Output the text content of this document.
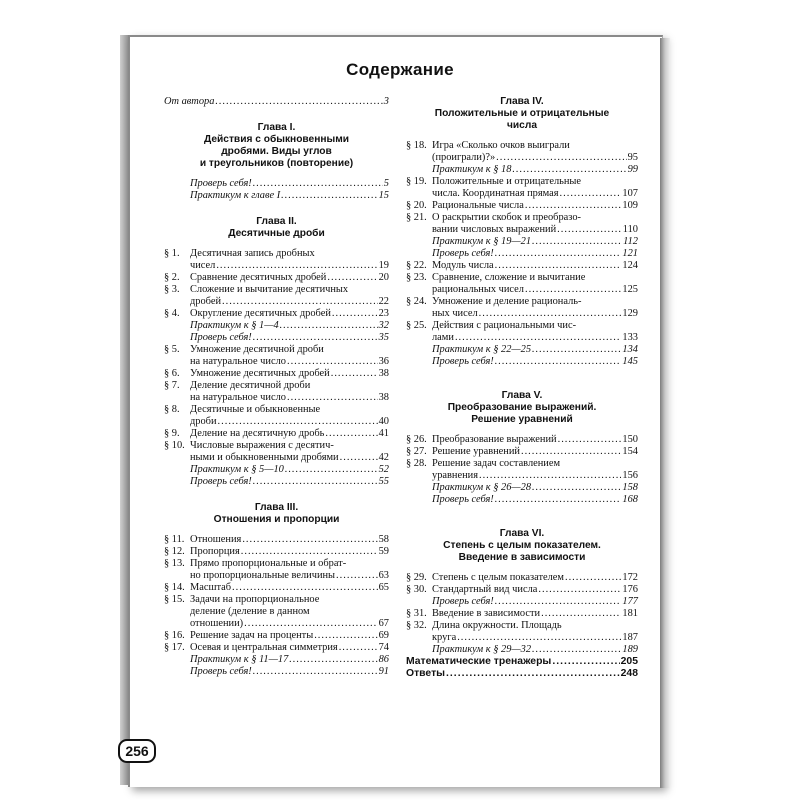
Содержание
От автора .....	3
Глава I.
Действия с обыкновенными
дробями. Виды углов
и треугольников (повторение)
Проверь себя! .....	5
Практикум к главе I .....	15
Глава II.
Десятичные дроби
§ 1.	Десятичная запись дробных
чисел .....	19
§ 2.	Сравнение десятичных дробей .....	20
§ 3.	Сложение и вычитание десятичных
дробей .....	22
§ 4.	Округление десятичных дробей .....	23
Практикум к § 1—4 .....	32
Проверь себя! .....	35
§ 5.	Умножение десятичной дроби
на натуральное число .....	36
§ 6.	Умножение десятичных дробей .....	38
§ 7.	Деление десятичной дроби
на натуральное число .....	38
§ 8.	Десятичные и обыкновенные
дроби .....	40
§ 9.	Деление на десятичную дробь .....	41
§ 10. Числовые выражения с десятич-
ными и обыкновенными дробями .....	42
Практикум к § 5—10 .....	52
Проверь себя! .....	55
Глава III.
Отношения и пропорции
§ 11. Отношения .....	58
§ 12. Пропорция .....	59
§ 13. Прямо пропорциональные и обрат-
но пропорциональные величины .....	63
§ 14. Масштаб .....	65
§ 15. Задачи на пропорциональное
деление (деление в данном
отношении) .....	67
§ 16. Решение задач на проценты .....	69
§ 17. Осевая и центральная симметрия .....	74
Практикум к § 11—17 .....	86
Проверь себя! .....	91
Глава IV.
Положительные и отрицательные
числа
§ 18. Игра «Сколько очков выиграли
(проиграли)?» .....	95
Практикум к § 18 .....	99
§ 19. Положительные и отрицательные
числа. Координатная прямая .....	107
§ 20. Рациональные числа .....	109
§ 21. О раскрытии скобок и преобразо-
вании числовых выражений .....	110
Практикум к § 19—21 .....	112
Проверь себя! .....	121
§ 22. Модуль числа .....	124
§ 23. Сравнение, сложение и вычитание
рациональных чисел .....	125
§ 24. Умножение и деление рациональ-
ных чисел .....	129
§ 25. Действия с рациональными чис-
лами .....	133
Практикум к § 22—25 .....	134
Проверь себя! .....	145
Глава V.
Преобразование выражений.
Решение уравнений
§ 26. Преобразование выражений .....	150
§ 27. Решение уравнений .....	154
§ 28. Решение задач составлением
уравнения .....	156
Практикум к § 26—28 .....	158
Проверь себя! .....	168
Глава VI.
Степень с целым показателем.
Введение в зависимости
§ 29. Степень с целым показателем .....	172
§ 30. Стандартный вид числа .....	176
Проверь себя! .....	177
§ 31. Введение в зависимости .....	181
§ 32. Длина окружности. Площадь
круга .....	187
Практикум к § 29—32 .....	189
Математические тренажеры .....	205
Ответы .....	248
256
